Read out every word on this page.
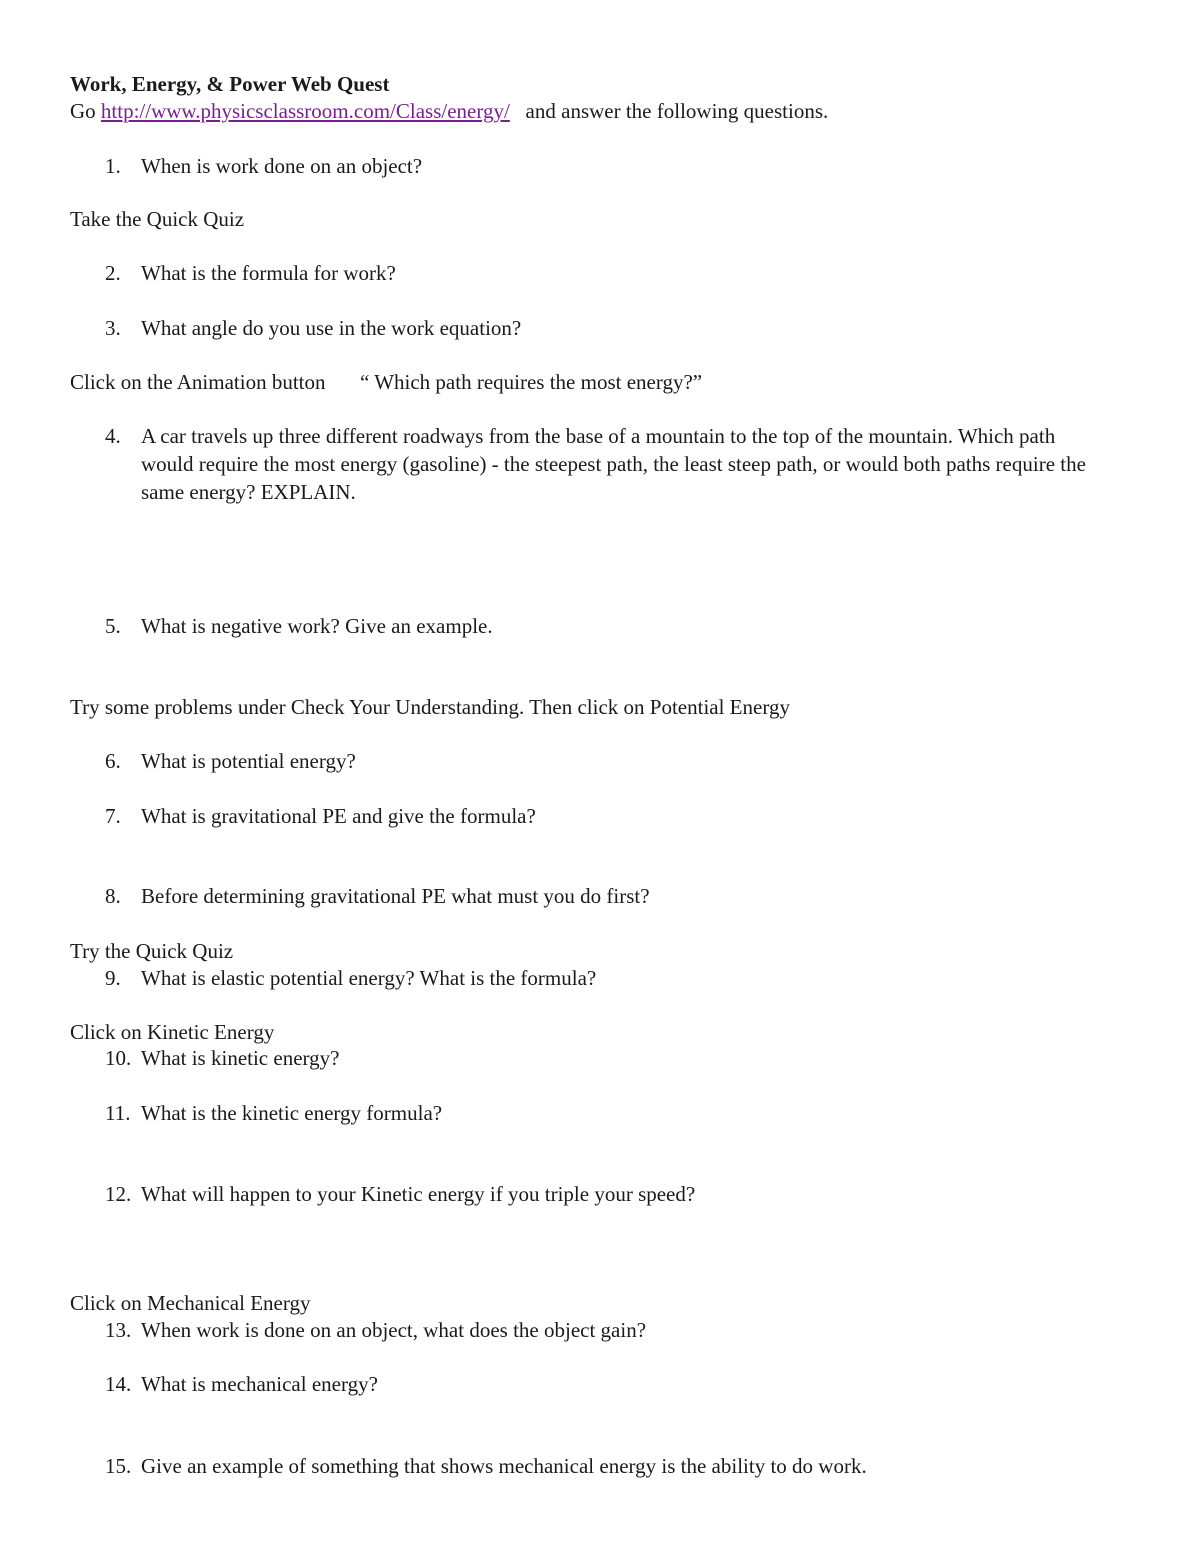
Work, Energy, & Power Web Quest
Go http://www.physicsclassroom.com/Class/energy/ and answer the following questions.
1. When is work done on an object?
Take the Quick Quiz
2. What is the formula for work?
3. What angle do you use in the work equation?
Click on the Animation button “ Which path requires the most energy?”
4. A car travels up three different roadways from the base of a mountain to the top of the mountain. Which path would require the most energy (gasoline) - the steepest path, the least steep path, or would both paths require the same energy? EXPLAIN.
5. What is negative work? Give an example.
Try some problems under Check Your Understanding. Then click on Potential Energy
6. What is potential energy?
7. What is gravitational PE and give the formula?
8. Before determining gravitational PE what must you do first?
Try the Quick Quiz
9. What is elastic potential energy? What is the formula?
Click on Kinetic Energy
10. What is kinetic energy?
11. What is the kinetic energy formula?
12. What will happen to your Kinetic energy if you triple your speed?
Click on Mechanical Energy
13. When work is done on an object, what does the object gain?
14. What is mechanical energy?
15. Give an example of something that shows mechanical energy is the ability to do work.
